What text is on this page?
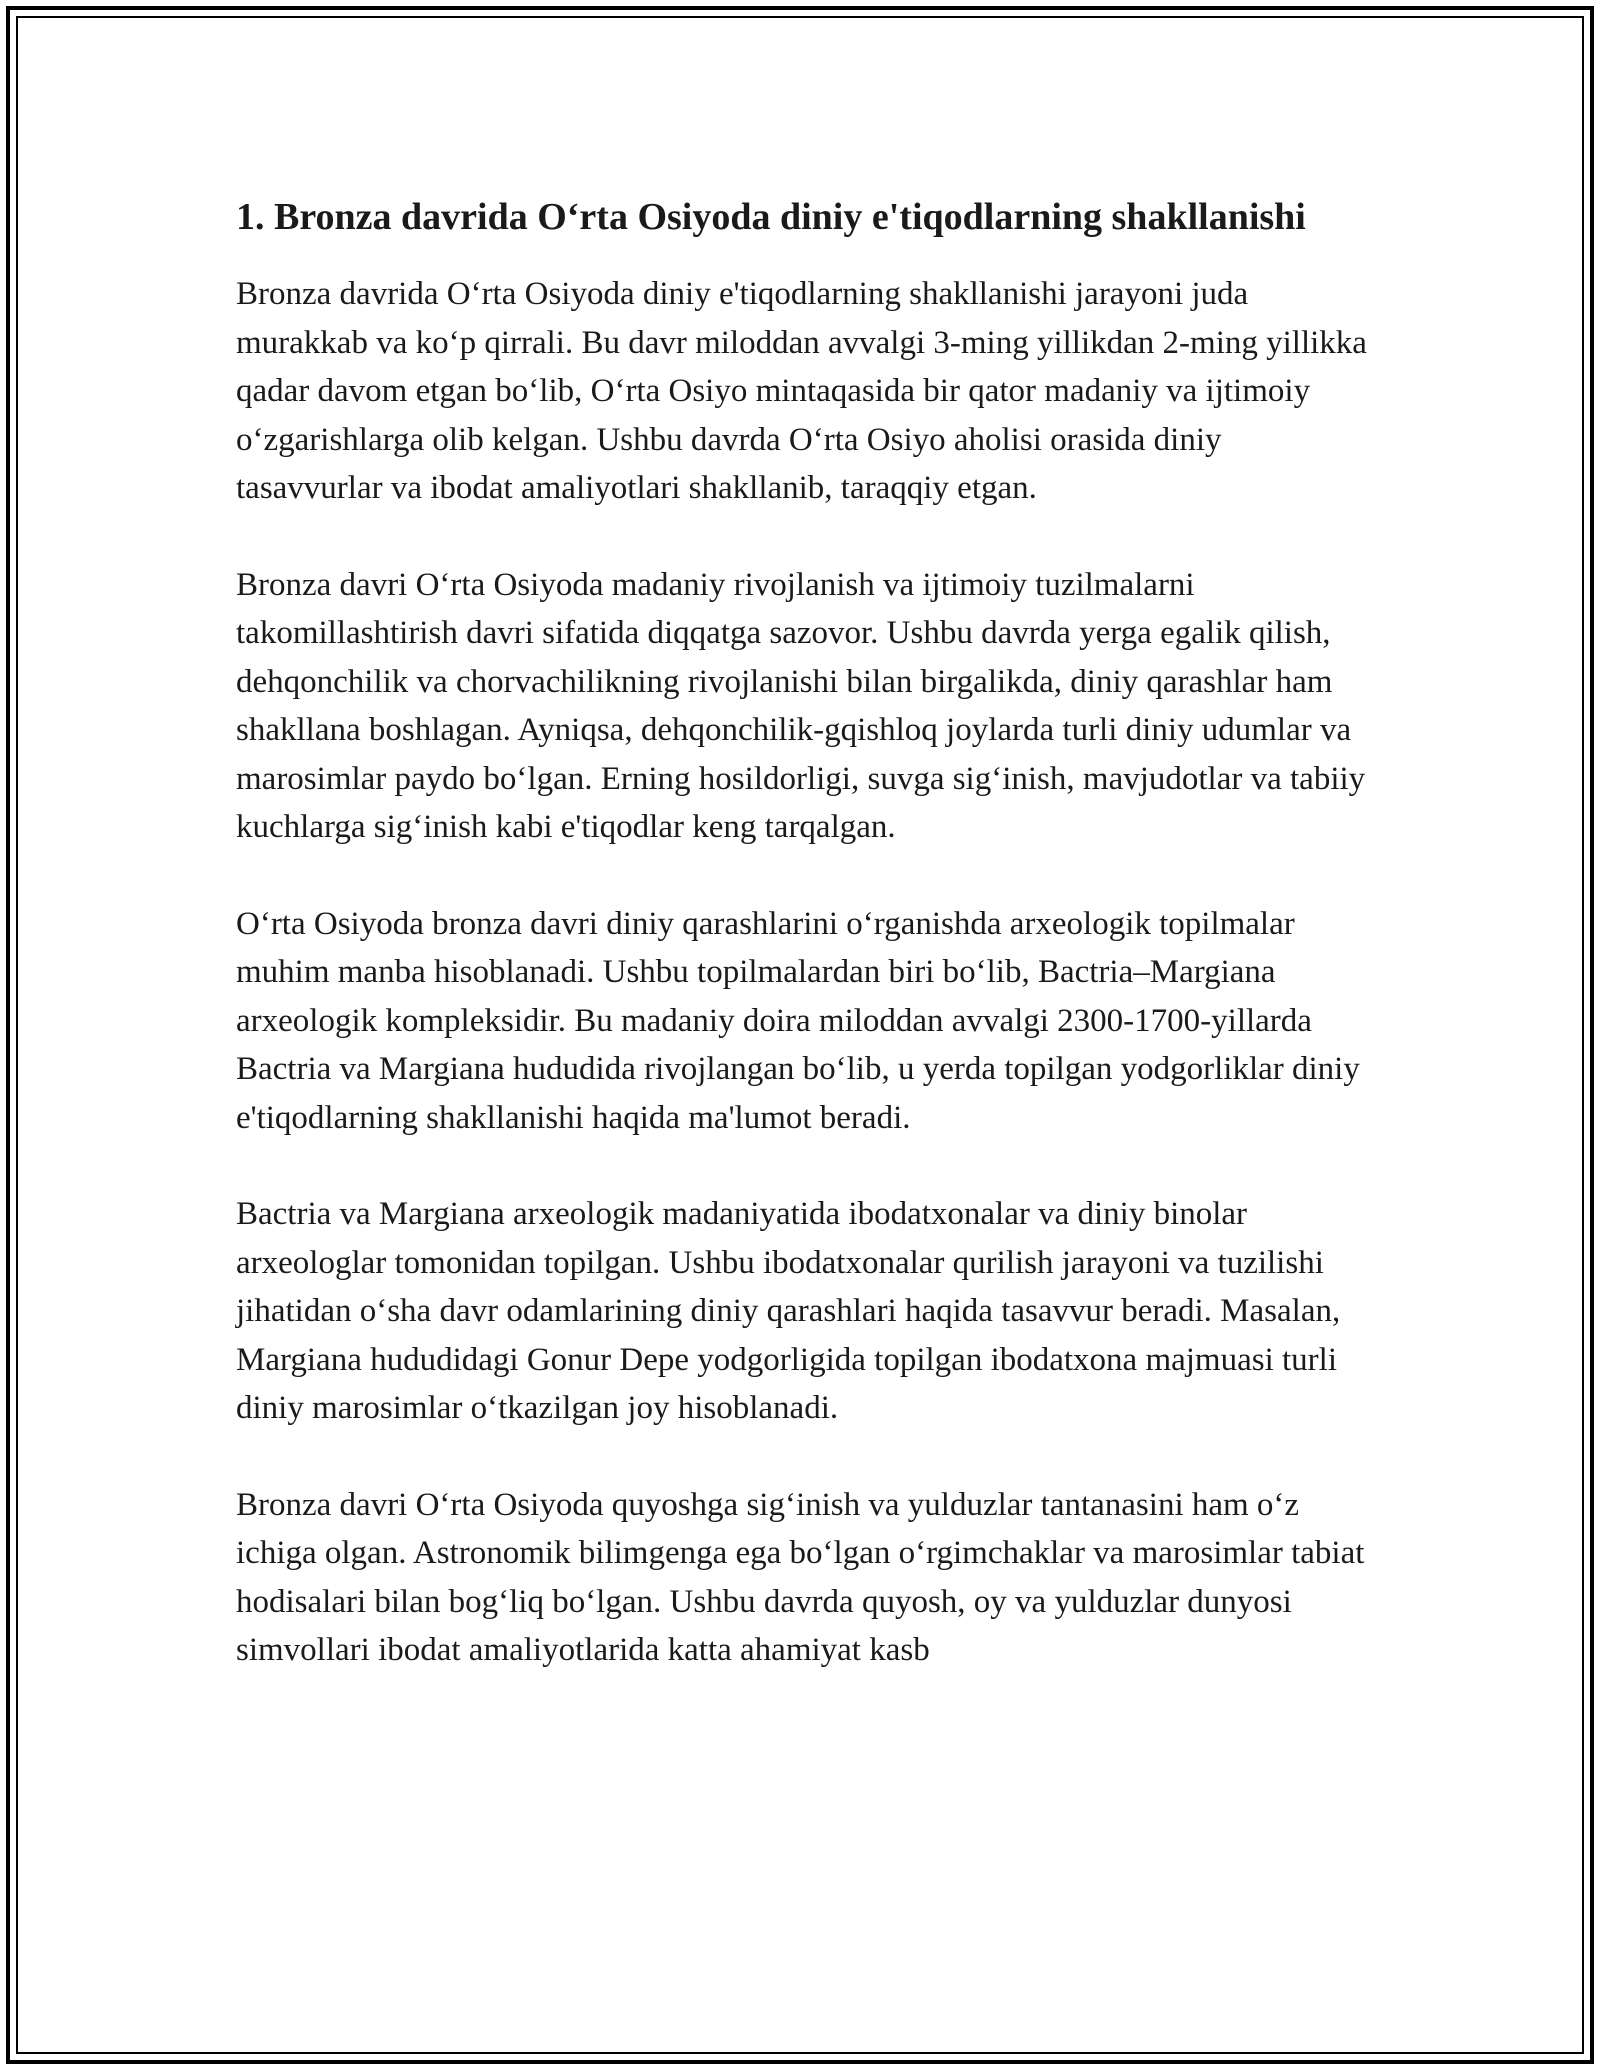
1. Bronza davrida O‘rta Osiyoda diniy e'tiqodlarning shakllanishi

Bronza davrida O‘rta Osiyoda diniy e'tiqodlarning shakllanishi jarayoni juda murakkab va ko‘p qirrali. Bu davr miloddan avvalgi 3-ming yillikdan 2-ming yillikka qadar davom etgan bo‘lib, O‘rta Osiyo mintaqasida bir qator madaniy va ijtimoiy o‘zgarishlarga olib kelgan. Ushbu davrda O‘rta Osiyo aholisi orasida diniy tasavvurlar va ibodat amaliyotlari shakllanib, taraqqiy etgan.

Bronza davri O‘rta Osiyoda madaniy rivojlanish va ijtimoiy tuzilmalarni takomillashtirish davri sifatida diqqatga sazovor. Ushbu davrda yerga egalik qilish, dehqonchilik va chorvachilikning rivojlanishi bilan birgalikda, diniy qarashlar ham shakllana boshlagan. Ayniqsa, dehqonchilik-gqishloq joylarda turli diniy udumlar va marosimlar paydo bo‘lgan. Erning hosildorligi, suvga sig‘inish, mavjudotlar va tabiiy kuchlarga sig‘inish kabi e'tiqodlar keng tarqalgan.

O‘rta Osiyoda bronza davri diniy qarashlarini o‘rganishda arxeologik topilmalar muhim manba hisoblanadi. Ushbu topilmalardan biri bo‘lib, Bactria–Margiana arxeologik kompleksidir. Bu madaniy doira miloddan avvalgi 2300-1700-yillarda Bactria va Margiana hududida rivojlangan bo‘lib, u yerda topilgan yodgorliklar diniy e'tiqodlarning shakllanishi haqida ma'lumot beradi.

Bactria va Margiana arxeologik madaniyatida ibodatxonalar va diniy binolar arxeologlar tomonidan topilgan. Ushbu ibodatxonalar qurilish jarayoni va tuzilishi jihatidan o‘sha davr odamlarining diniy qarashlari haqida tasavvur beradi. Masalan, Margiana hududidagi Gonur Depe yodgorligida topilgan ibodatxona majmuasi turli diniy marosimlar o‘tkazilgan joy hisoblanadi.

Bronza davri O‘rta Osiyoda quyoshga sig‘inish va yulduzlar tantanasini ham o‘z ichiga olgan. Astronomik bilimgenga ega bo‘lgan o‘rgimchaklar va marosimlar tabiat hodisalari bilan bog‘liq bo‘lgan. Ushbu davrda quyosh, oy va yulduzlar dunyosi simvollari ibodat amaliyotlarida katta ahamiyat kasb
